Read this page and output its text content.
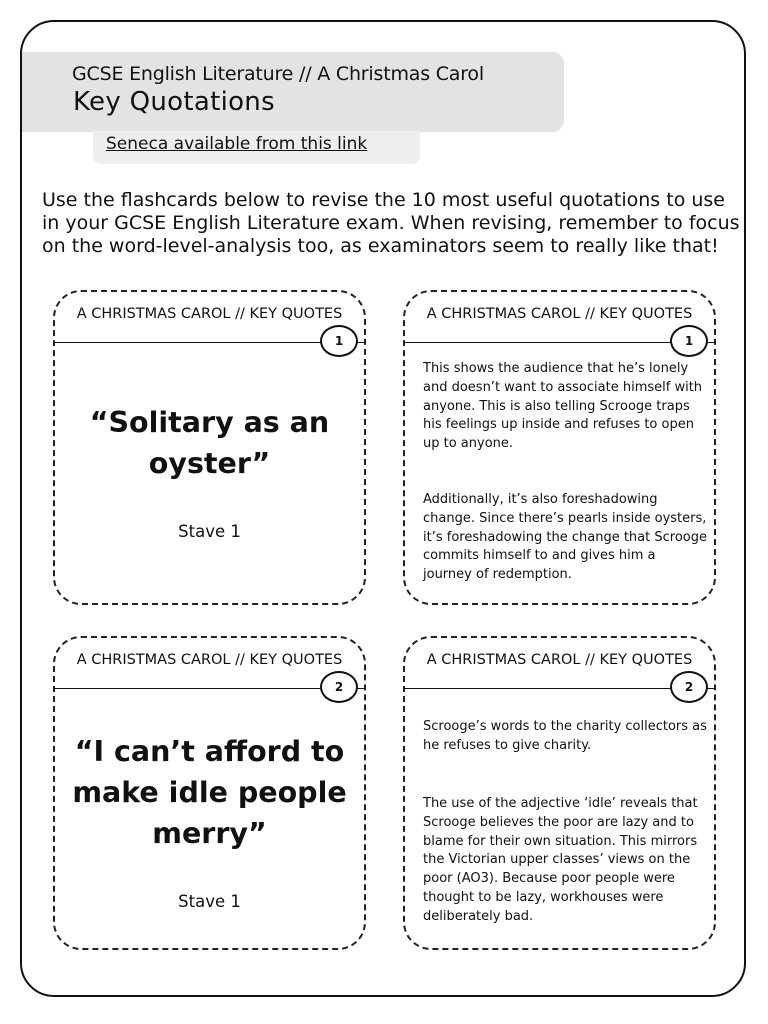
GCSE English Literature // A Christmas Carol
Key Quotations
Seneca available from this link

Use the flashcards below to revise the 10 most useful quotations to use in your GCSE English Literature exam. When revising, remember to focus on the word-level-analysis too, as examinators seem to really like that!

A CHRISTMAS CAROL // KEY QUOTES
1
“Solitary as an
oyster”
Stave 1
A CHRISTMAS CAROL // KEY QUOTES
1

This shows the audience that he’s lonely and doesn’t want to associate himself with anyone. This is also telling Scrooge traps his feelings up inside and refuses to open up to anyone.

Additionally, it’s also foreshadowing change. Since there’s pearls inside oysters, it’s foreshadowing the change that Scrooge commits himself to and gives him a journey of redemption.

A CHRISTMAS CAROL // KEY QUOTES
2
“I can’t afford to
make idle people
merry”
Stave 1
A CHRISTMAS CAROL // KEY QUOTES
2

Scrooge’s words to the charity collectors as he refuses to give charity.

The use of the adjective ‘idle’ reveals that Scrooge believes the poor are lazy and to blame for their own situation. This mirrors the Victorian upper classes’ views on the poor (AO3). Because poor people were thought to be lazy, workhouses were deliberately bad.
